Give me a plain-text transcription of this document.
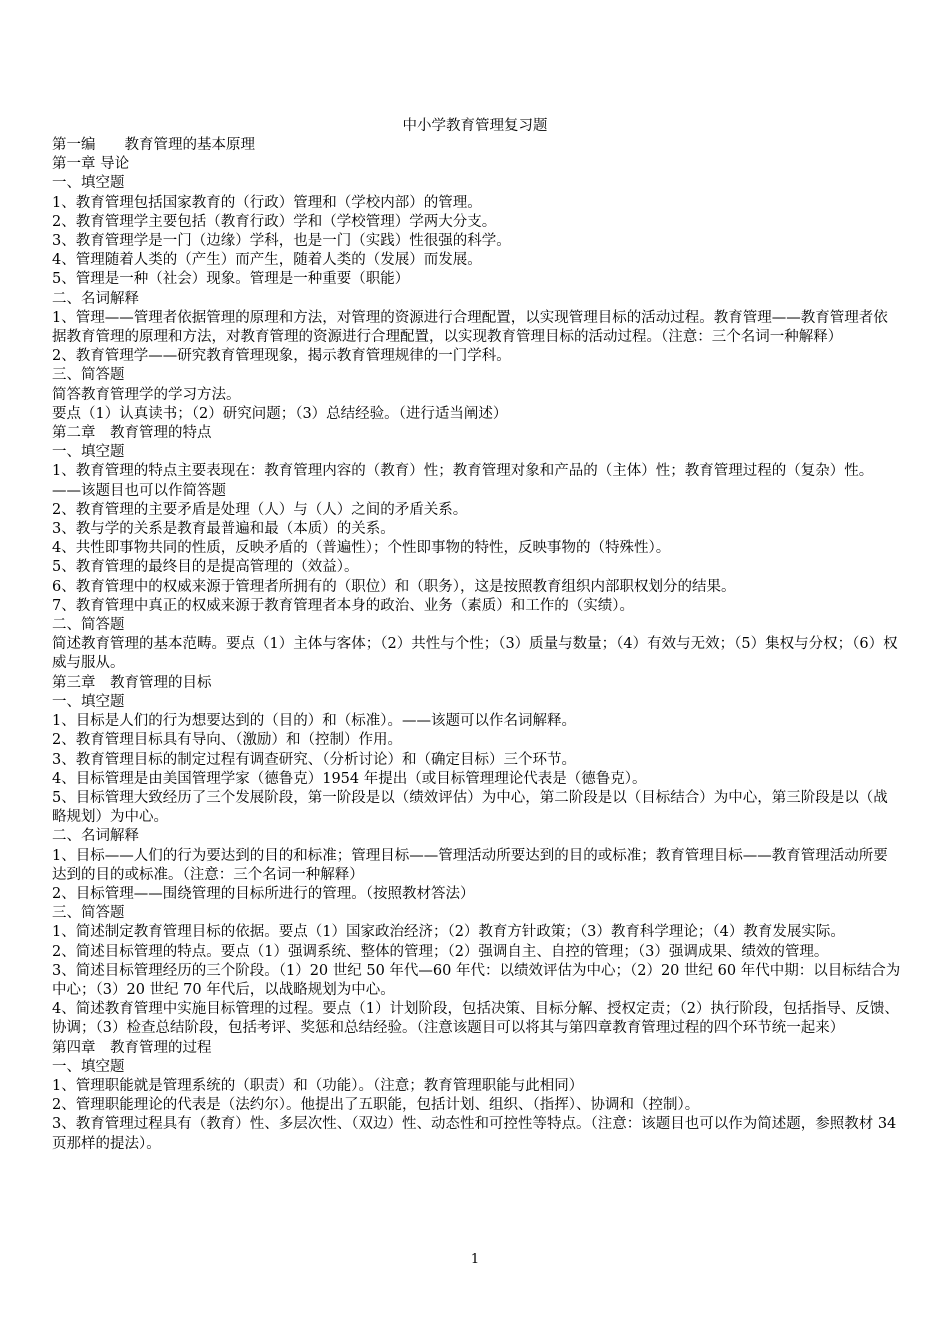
中小学教育管理复习题
第一编　　教育管理的基本原理
第一章 导论
一、填空题
1、教育管理包括国家教育的（行政）管理和（学校内部）的管理。
2、教育管理学主要包括（教育行政）学和（学校管理）学两大分支。
3、教育管理学是一门（边缘）学科，也是一门（实践）性很强的科学。
4、管理随着人类的（产生）而产生，随着人类的（发展）而发展。
5、管理是一种（社会）现象。管理是一种重要（职能）
二、名词解释
1、管理——管理者依据管理的原理和方法，对管理的资源进行合理配置，以实现管理目标的活动过程。教育管理——教育管理者依据教育管理的原理和方法，对教育管理的资源进行合理配置，以实现教育管理目标的活动过程。（注意：三个名词一种解释）
2、教育管理学——研究教育管理现象，揭示教育管理规律的一门学科。
三、简答题
简答教育管理学的学习方法。
要点（1）认真读书；（2）研究问题；（3）总结经验。（进行适当阐述）
第二章　教育管理的特点
一、填空题
1、教育管理的特点主要表现在：教育管理内容的（教育）性；教育管理对象和产品的（主体）性；教育管理过程的（复杂）性。——该题目也可以作简答题
2、教育管理的主要矛盾是处理（人）与（人）之间的矛盾关系。
3、教与学的关系是教育最普遍和最（本质）的关系。
4、共性即事物共同的性质，反映矛盾的（普遍性）；个性即事物的特性，反映事物的（特殊性）。
5、教育管理的最终目的是提高管理的（效益）。
6、教育管理中的权威来源于管理者所拥有的（职位）和（职务），这是按照教育组织内部职权划分的结果。
7、教育管理中真正的权威来源于教育管理者本身的政治、业务（素质）和工作的（实绩）。
二、简答题
简述教育管理的基本范畴。要点（1）主体与客体；（2）共性与个性；（3）质量与数量；（4）有效与无效；（5）集权与分权；（6）权威与服从。
第三章　教育管理的目标
一、填空题
1、目标是人们的行为想要达到的（目的）和（标准）。——该题可以作名词解释。
2、教育管理目标具有导向、（激励）和（控制）作用。
3、教育管理目标的制定过程有调查研究、（分析讨论）和（确定目标）三个环节。
4、目标管理是由美国管理学家（德鲁克）1954 年提出（或目标管理理论代表是（德鲁克）。
5、目标管理大致经历了三个发展阶段，第一阶段是以（绩效评估）为中心，第二阶段是以（目标结合）为中心，第三阶段是以（战略规划）为中心。
二、名词解释
1、目标——人们的行为要达到的目的和标准；管理目标——管理活动所要达到的目的或标准；教育管理目标——教育管理活动所要达到的目的或标准。（注意：三个名词一种解释）
2、目标管理——围绕管理的目标所进行的管理。（按照教材答法）
三、简答题
1、简述制定教育管理目标的依据。要点（1）国家政治经济；（2）教育方针政策；（3）教育科学理论；（4）教育发展实际。
2、简述目标管理的特点。要点（1）强调系统、整体的管理；（2）强调自主、自控的管理；（3）强调成果、绩效的管理。
3、简述目标管理经历的三个阶段。（1）20 世纪 50 年代—60 年代：以绩效评估为中心；（2）20 世纪 60 年代中期：以目标结合为中心；（3）20 世纪 70 年代后，以战略规划为中心。
4、简述教育管理中实施目标管理的过程。要点（1）计划阶段，包括决策、目标分解、授权定责；（2）执行阶段，包括指导、反馈、协调；（3）检查总结阶段，包括考评、奖惩和总结经验。（注意该题目可以将其与第四章教育管理过程的四个环节统一起来）
第四章　教育管理的过程
一、填空题
1、管理职能就是管理系统的（职责）和（功能）。（注意；教育管理职能与此相同）
2、管理职能理论的代表是（法约尔）。他提出了五职能，包括计划、组织、（指挥）、协调和（控制）。
3、教育管理过程具有（教育）性、多层次性、（双边）性、动态性和可控性等特点。（注意：该题目也可以作为简述题，参照教材 34 页那样的提法）。
1
